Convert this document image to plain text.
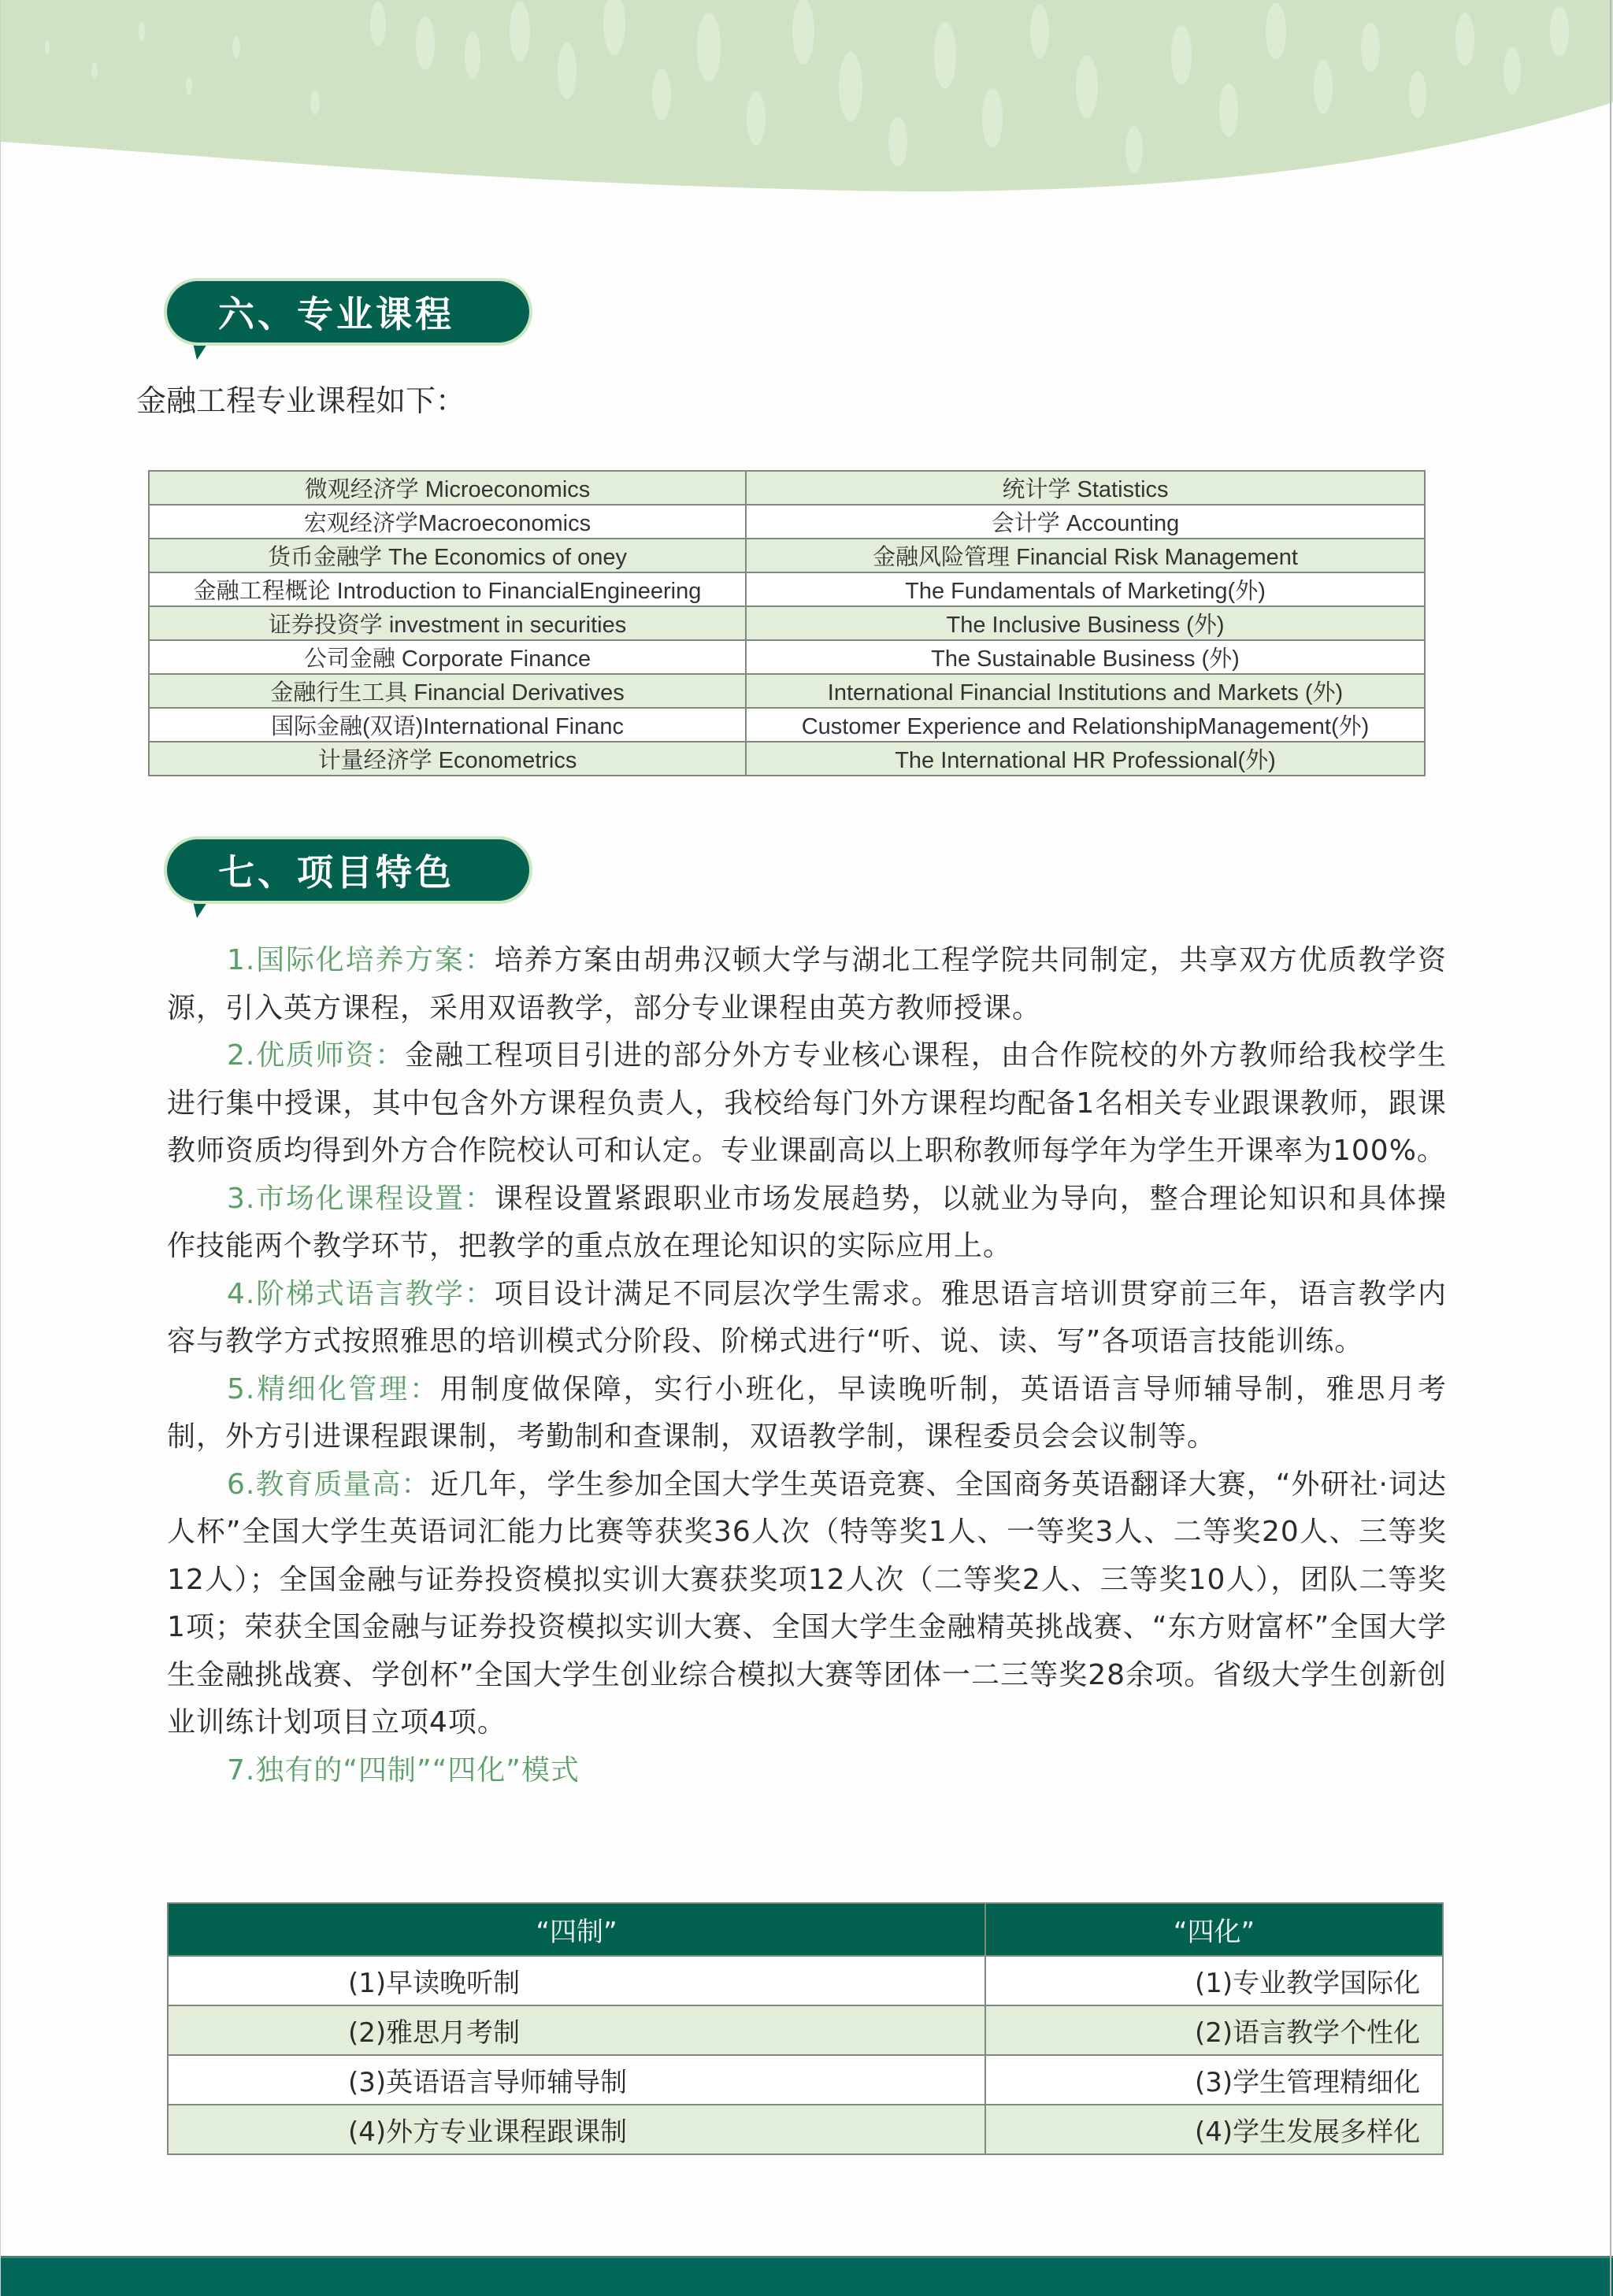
六、专业课程
金融工程专业课程如下：
微观经济学 Microeconomics	统计学 Statistics
宏观经济学Macroeconomics	会计学 Accounting
货币金融学 The Economics of oney	金融风险管理 Financial Risk Management
金融工程概论 Introduction to FinancialEngineering	The Fundamentals of Marketing(外)
证券投资学 investment in securities	The Inclusive Business (外)
公司金融 Corporate Finance	The Sustainable Business (外)
金融行生工具 Financial Derivatives	International Financial Institutions and Markets (外)
国际金融(双语)International Financ	Customer Experience and RelationshipManagement(外)
计量经济学 Econometrics	The International HR Professional(外)
七、项目特色

1.国际化培养方案：培养方案由胡弗汉顿大学与湖北工程学院共同制定，共享双方优质教学资源，引入英方课程，采用双语教学，部分专业课程由英方教师授课。

2.优质师资：金融工程项目引进的部分外方专业核心课程，由合作院校的外方教师给我校学生进行集中授课，其中包含外方课程负责人，我校给每门外方课程均配备1名相关专业跟课教师，跟课教师资质均得到外方合作院校认可和认定。专业课副高以上职称教师每学年为学生开课率为100%。

3.市场化课程设置：课程设置紧跟职业市场发展趋势，以就业为导向，整合理论知识和具体操作技能两个教学环节，把教学的重点放在理论知识的实际应用上。

4.阶梯式语言教学：项目设计满足不同层次学生需求。雅思语言培训贯穿前三年，语言教学内容与教学方式按照雅思的培训模式分阶段、阶梯式进行“听、说、读、写”各项语言技能训练。

5.精细化管理：用制度做保障，实行小班化，早读晚听制，英语语言导师辅导制，雅思月考制，外方引进课程跟课制，考勤制和查课制，双语教学制，课程委员会会议制等。

6.教育质量高：近几年，学生参加全国大学生英语竞赛、全国商务英语翻译大赛，“外研社·词达人杯”全国大学生英语词汇能力比赛等获奖36人次（特等奖1人、一等奖3人、二等奖20人、三等奖12人）；全国金融与证券投资模拟实训大赛获奖项12人次（二等奖2人、三等奖10人），团队二等奖1项；荣获全国金融与证券投资模拟实训大赛、全国大学生金融精英挑战赛、“东方财富杯”全国大学生金融挑战赛、学创杯”全国大学生创业综合模拟大赛等团体一二三等奖28余项。省级大学生创新创业训练计划项目立项4项。

7.独有的“四制”“四化”模式

“四制”	“四化”
(1)早读晚听制	(1)专业教学国际化
(2)雅思月考制	(2)语言教学个性化
(3)英语语言导师辅导制	(3)学生管理精细化
(4)外方专业课程跟课制	(4)学生发展多样化
